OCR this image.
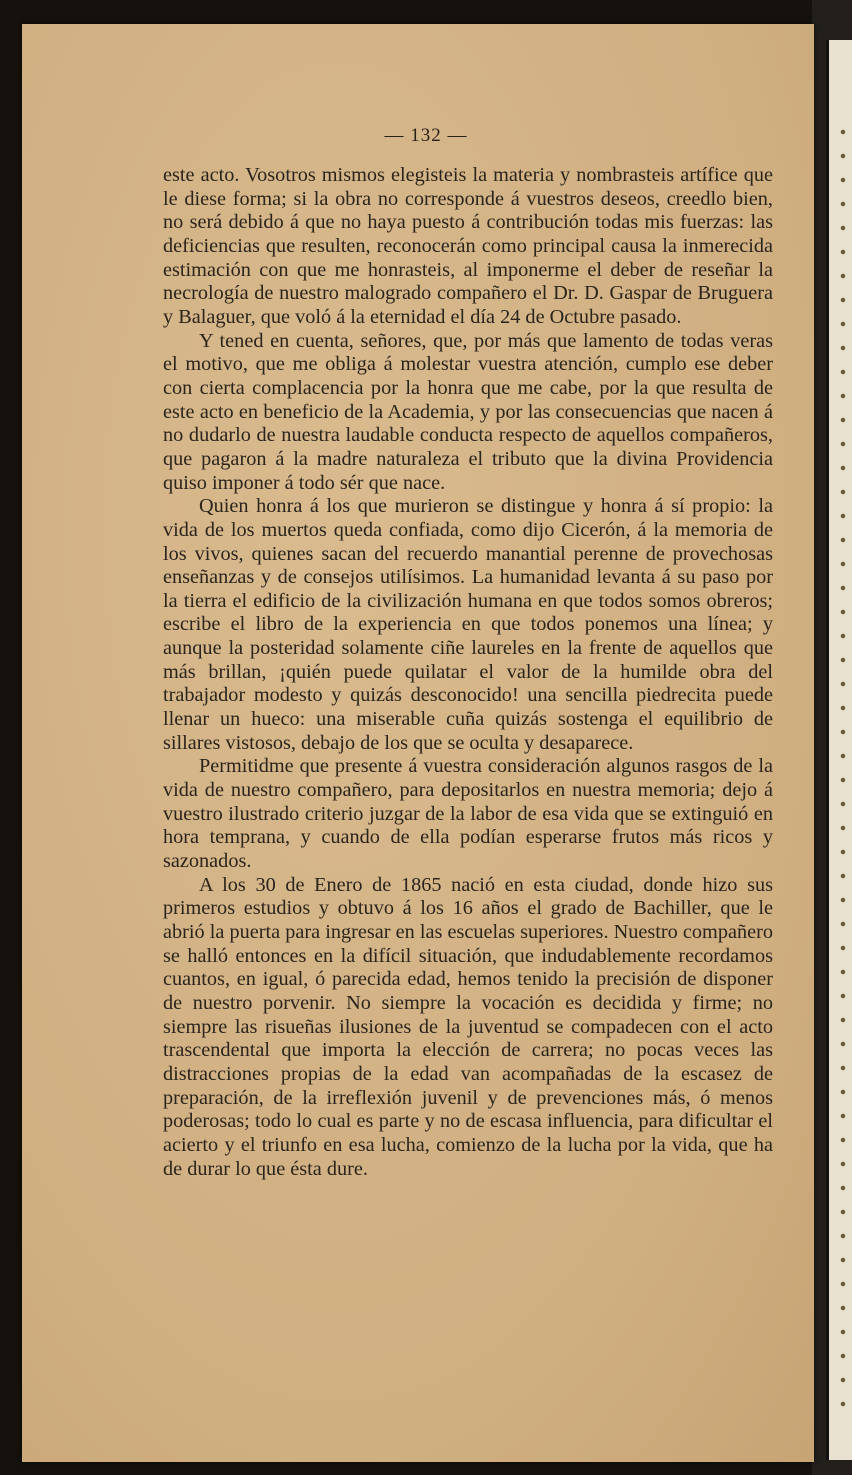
— 132 —

este acto. Vosotros mismos elegisteis la materia y nombrasteis artífice que le diese forma; si la obra no corresponde á vuestros deseos, creedlo bien, no será debido á que no haya puesto á contribución todas mis fuerzas: las deficiencias que resulten, reconocerán como principal causa la inmerecida estimación con que me honrasteis, al imponerme el deber de reseñar la necrología de nuestro malogrado compañero el Dr. D. Gaspar de Bruguera y Balaguer, que voló á la eternidad el día 24 de Octubre pasado.

Y tened en cuenta, señores, que, por más que lamento de todas veras el motivo, que me obliga á molestar vuestra atención, cumplo ese deber con cierta complacencia por la honra que me cabe, por la que resulta de este acto en beneficio de la Academia, y por las consecuencias que nacen á no dudarlo de nuestra laudable conducta respecto de aquellos compañeros, que pagaron á la madre naturaleza el tributo que la divina Providencia quiso imponer á todo sér que nace.

Quien honra á los que murieron se distingue y honra á sí propio: la vida de los muertos queda confiada, como dijo Cicerón, á la memoria de los vivos, quienes sacan del recuerdo manantial perenne de provechosas enseñanzas y de consejos utilísimos. La humanidad levanta á su paso por la tierra el edificio de la civilización humana en que todos somos obreros; escribe el libro de la experiencia en que todos ponemos una línea; y aunque la posteridad solamente ciñe laureles en la frente de aquellos que más brillan, ¡quién puede quilatar el valor de la humilde obra del trabajador modesto y quizás desconocido! una sencilla piedrecita puede llenar un hueco: una miserable cuña quizás sostenga el equilibrio de sillares vistosos, debajo de los que se oculta y desaparece.

Permitidme que presente á vuestra consideración algunos rasgos de la vida de nuestro compañero, para depositarlos en nuestra memoria; dejo á vuestro ilustrado criterio juzgar de la labor de esa vida que se extinguió en hora temprana, y cuando de ella podían esperarse frutos más ricos y sazonados.

A los 30 de Enero de 1865 nació en esta ciudad, donde hizo sus primeros estudios y obtuvo á los 16 años el grado de Bachiller, que le abrió la puerta para ingresar en las escuelas superiores. Nuestro compañero se halló entonces en la difícil situación, que indudablemente recordamos cuantos, en igual, ó parecida edad, hemos tenido la precisión de disponer de nuestro porvenir. No siempre la vocación es decidida y firme; no siempre las risueñas ilusiones de la juventud se compadecen con el acto trascendental que importa la elección de carrera; no pocas veces las distracciones propias de la edad van acompañadas de la escasez de preparación, de la irreflexión juvenil y de prevenciones más, ó menos poderosas; todo lo cual es parte y no de escasa influencia, para dificultar el acierto y el triunfo en esa lucha, comienzo de la lucha por la vida, que ha de durar lo que ésta dure.
